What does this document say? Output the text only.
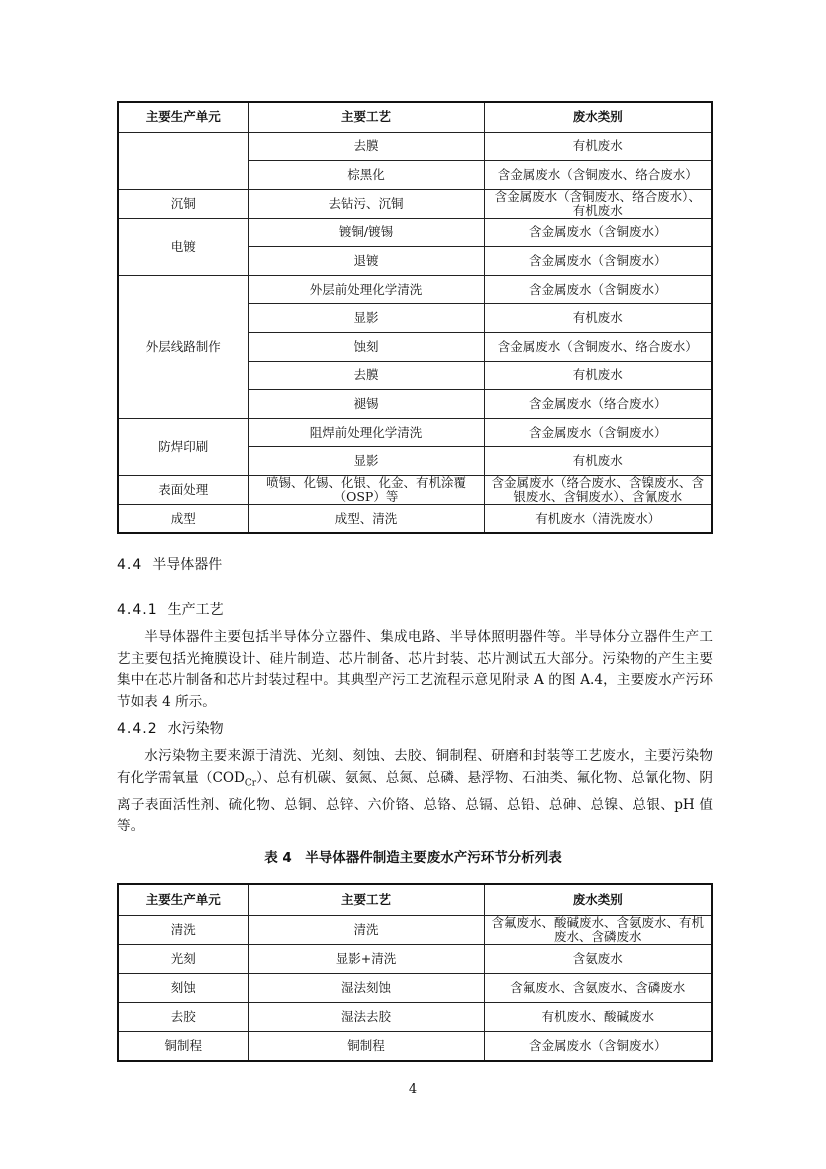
主要生产单元	主要工艺	废水类别
	去膜	有机废水
	棕黑化	含金属废水（含铜废水、络合废水）
沉铜	去钻污、沉铜	含金属废水（含铜废水、络合废水）、有机废水
电镀	镀铜/镀锡	含金属废水（含铜废水）
	退镀	含金属废水（含铜废水）
外层线路制作	外层前处理化学清洗	含金属废水（含铜废水）
	显影	有机废水
	蚀刻	含金属废水（含铜废水、络合废水）
	去膜	有机废水
	褪锡	含金属废水（络合废水）
防焊印刷	阻焊前处理化学清洗	含金属废水（含铜废水）
	显影	有机废水
表面处理	喷锡、化锡、化银、化金、有机涂覆（OSP）等	含金属废水（络合废水、含镍废水、含银废水、含铜废水）、含氰废水
成型	成型、清洗	有机废水（清洗废水）
4.4 半导体器件
4.4.1 生产工艺

半导体器件主要包括半导体分立器件、集成电路、半导体照明器件等。半导体分立器件生产工艺主要包括光掩膜设计、硅片制造、芯片制备、芯片封装、芯片测试五大部分。污染物的产生主要集中在芯片制备和芯片封装过程中。其典型产污工艺流程示意见附录 A 的图 A.4，主要废水产污环节如表 4 所示。

4.4.2 水污染物

水污染物主要来源于清洗、光刻、刻蚀、去胶、铜制程、研磨和封装等工艺废水，主要污染物有化学需氧量$(COD_{Cr})$、总有机碳、氨氮、总氮、总磷、悬浮物、石油类、氟化物、总氰化物、阴离子表面活性剂、硫化物、总铜、总锌、六价铬、总铬、总镉、总铅、总砷、总镍、总银、pH 值等。

表 4　半导体器件制造主要废水产污环节分析列表
主要生产单元	主要工艺	废水类别
清洗	清洗	含氟废水、酸碱废水、含氨废水、有机废水、含磷废水
光刻	显影+清洗	含氨废水
刻蚀	湿法刻蚀	含氟废水、含氨废水、含磷废水
去胶	湿法去胶	有机废水、酸碱废水
铜制程	铜制程	含金属废水（含铜废水）
4
